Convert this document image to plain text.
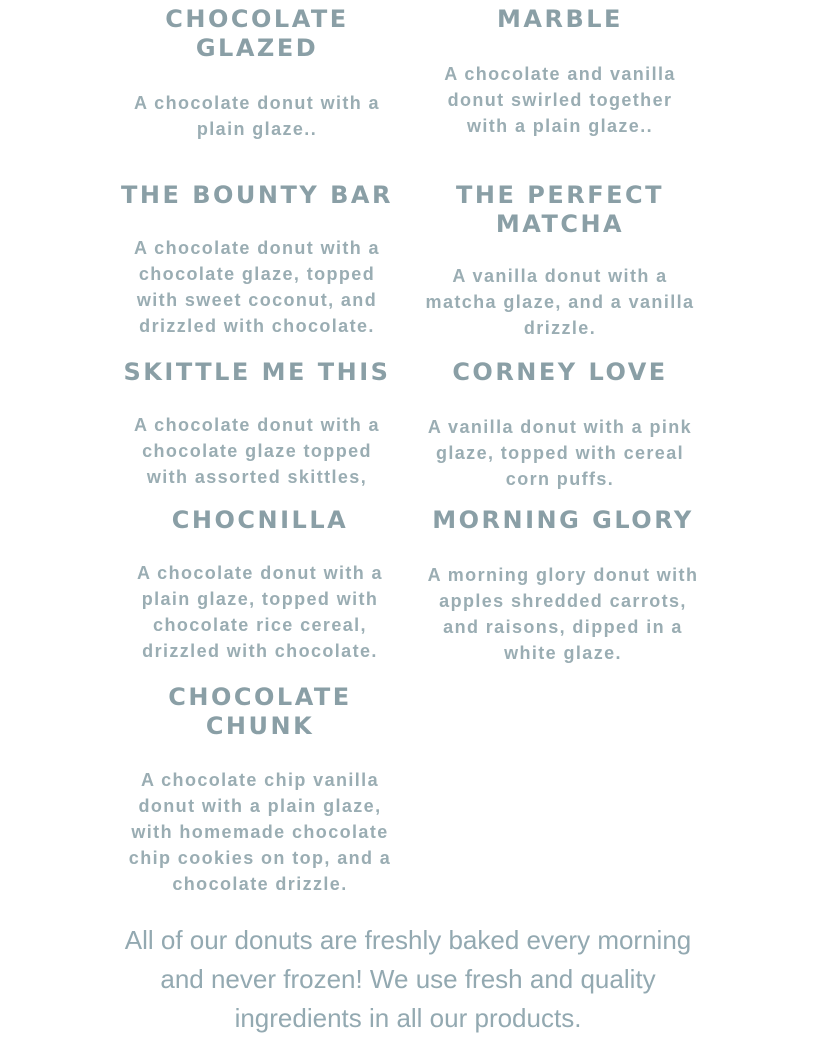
CHOCOLATE GLAZED

A chocolate donut with a plain glaze..

MARBLE

A chocolate and vanilla donut swirled together with a plain glaze..

THE BOUNTY BAR

A chocolate donut with a chocolate glaze, topped with sweet coconut, and drizzled with chocolate.

THE PERFECT MATCHA

A vanilla donut with a matcha glaze, and a vanilla drizzle.

SKITTLE ME THIS

A chocolate donut with a chocolate glaze topped with assorted skittles,

CORNEY LOVE

A vanilla donut with a pink glaze, topped with cereal corn puffs.

CHOCNILLA

A chocolate donut with a plain glaze, topped with chocolate rice cereal, drizzled with chocolate.

MORNING GLORY

A morning glory donut with apples shredded carrots, and raisons, dipped in a white glaze.

CHOCOLATE CHUNK

A chocolate chip vanilla donut with a plain glaze, with homemade chocolate chip cookies on top, and a chocolate drizzle.

All of our donuts are freshly baked every morning and never frozen! We use fresh and quality ingredients in all our products.
